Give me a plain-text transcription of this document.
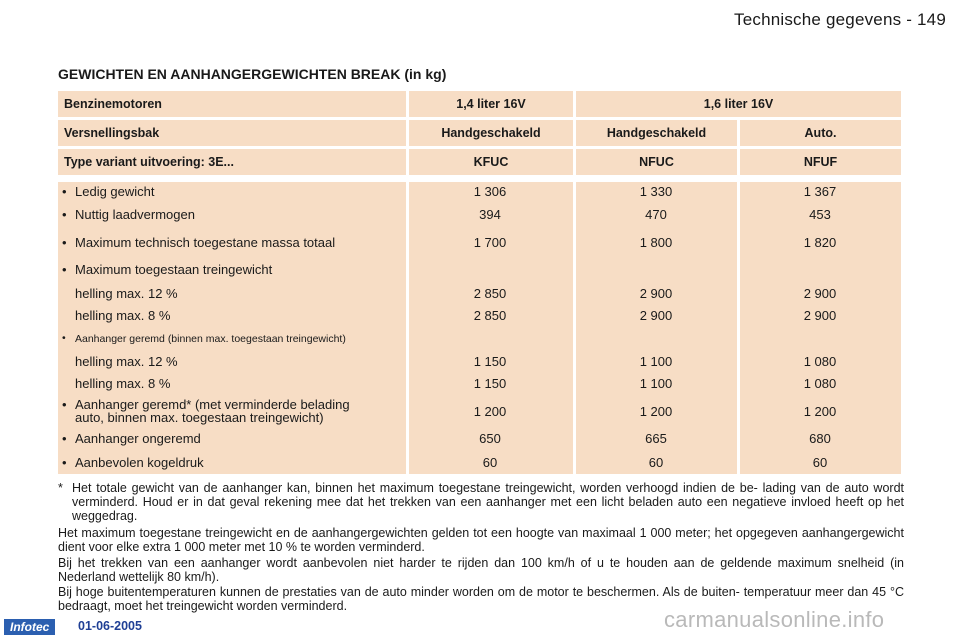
Technische gegevens - 149
GEWICHTEN EN AANHANGERGEWICHTEN BREAK (in kg)
Benzinemotoren	1,4 liter 16V	1,6 liter 16V
Versnellingsbak	Handgeschakeld	Handgeschakeld	Auto.
Type variant uitvoering: 3E...	KFUC	NFUC	NFUF
• Ledig gewicht	1 306	1 330	1 367
• Nuttig laadvermogen	394	470	453
• Maximum technisch toegestane massa totaal	1 700	1 800	1 820
• Maximum toegestaan treingewicht
helling max. 12 %	2 850	2 900	2 900
helling max. 8 %	2 850	2 900	2 900
• Aanhanger geremd (binnen max. toegestaan treingewicht)
helling max. 12 %	1 150	1 100	1 080
helling max. 8 %	1 150	1 100	1 080
• Aanhanger geremd* (met verminderde belading
auto, binnen max. toegestaan treingewicht)	1 200	1 200	1 200
• Aanhanger ongeremd	650	665	680
• Aanbevolen kogeldruk	60	60	60
* Het totale gewicht van de aanhanger kan, binnen het maximum toegestane treingewicht, worden verhoogd indien de be- lading van de auto wordt verminderd. Houd er in dat geval rekening mee dat het trekken van een aanhanger met een licht beladen auto een negatieve invloed heeft op het weggedrag.
Het maximum toegestane treingewicht en de aanhangergewichten gelden tot een hoogte van maximaal 1 000 meter; het opgegeven aanhangergewicht dient voor elke extra 1 000 meter met 10 % te worden verminderd.
Bij het trekken van een aanhanger wordt aanbevolen niet harder te rijden dan 100 km/h of u te houden aan de geldende maximum snelheid (in Nederland wettelijk 80 km/h).
Bij hoge buitentemperaturen kunnen de prestaties van de auto minder worden om de motor te beschermen. Als de buiten- temperatuur meer dan 45 °C bedraagt, moet het treingewicht worden verminderd.
Infotec	01-06-2005	carmanualsonline.info
